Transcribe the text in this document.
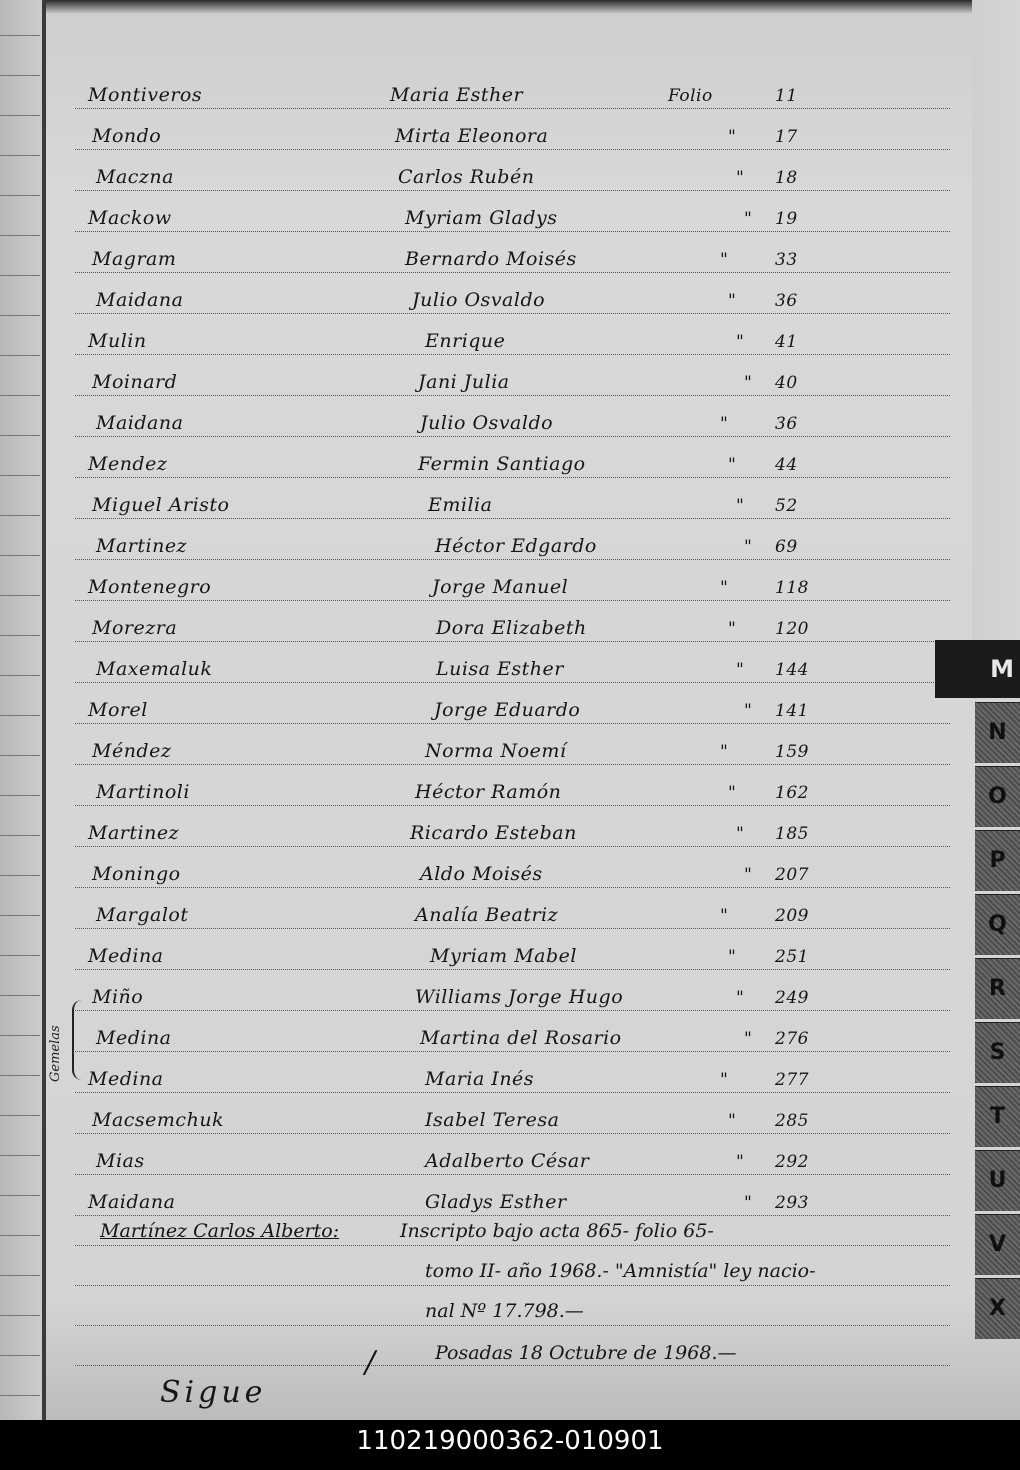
Montiveros	Maria Esther	Folio	11
Mondo	Mirta Eleonora	" 17
Maczna	Carlos Rubén	" 18
Mackow	Myriam Gladys	" 19
Magram	Bernardo Moisés	"	33
Maidana	Julio Osvaldo	" 36
Mulin	Enrique	" 41
Moinard	Jani Julia	" 40
Maidana	Julio Osvaldo	"	36
Mendez	Fermin Santiago	" 44
Miguel Aristo	Emilia	" 52
Martinez	Héctor Edgardo	" 69
Montenegro	Jorge Manuel	"	118
Morezra	Dora Elizabeth	" 120
Maxemaluk	Luisa Esther	" 144
Morel	Jorge Eduardo	" 141
Méndez	Norma Noemí	"	159
Martinoli	Héctor Ramón	" 162
Martinez	Ricardo Esteban	" 185
Moningo	Aldo Moisés	" 207
Margalot	Analía Beatriz	"	209
Medina	Myriam Mabel	" 251
Miño	Williams Jorge Hugo	" 249
Medina	Martina del Rosario	" 276
Medina	Maria Inés	"	277
Macsemchuk	Isabel Teresa	" 285
Mias	Adalberto César	" 292
Maidana	Gladys Esther	" 293
Gemelas
Martínez Carlos Alberto:	Inscripto bajo acta 865- folio 65-
tomo II- año 1968.- "Amnistía" ley nacio-
nal Nº 17.798.—
Posadas 18 Octubre de 1968.—
/
Sigue
M
N
O
P
Q
R
S
T
U
V
X
110219000362-010901
